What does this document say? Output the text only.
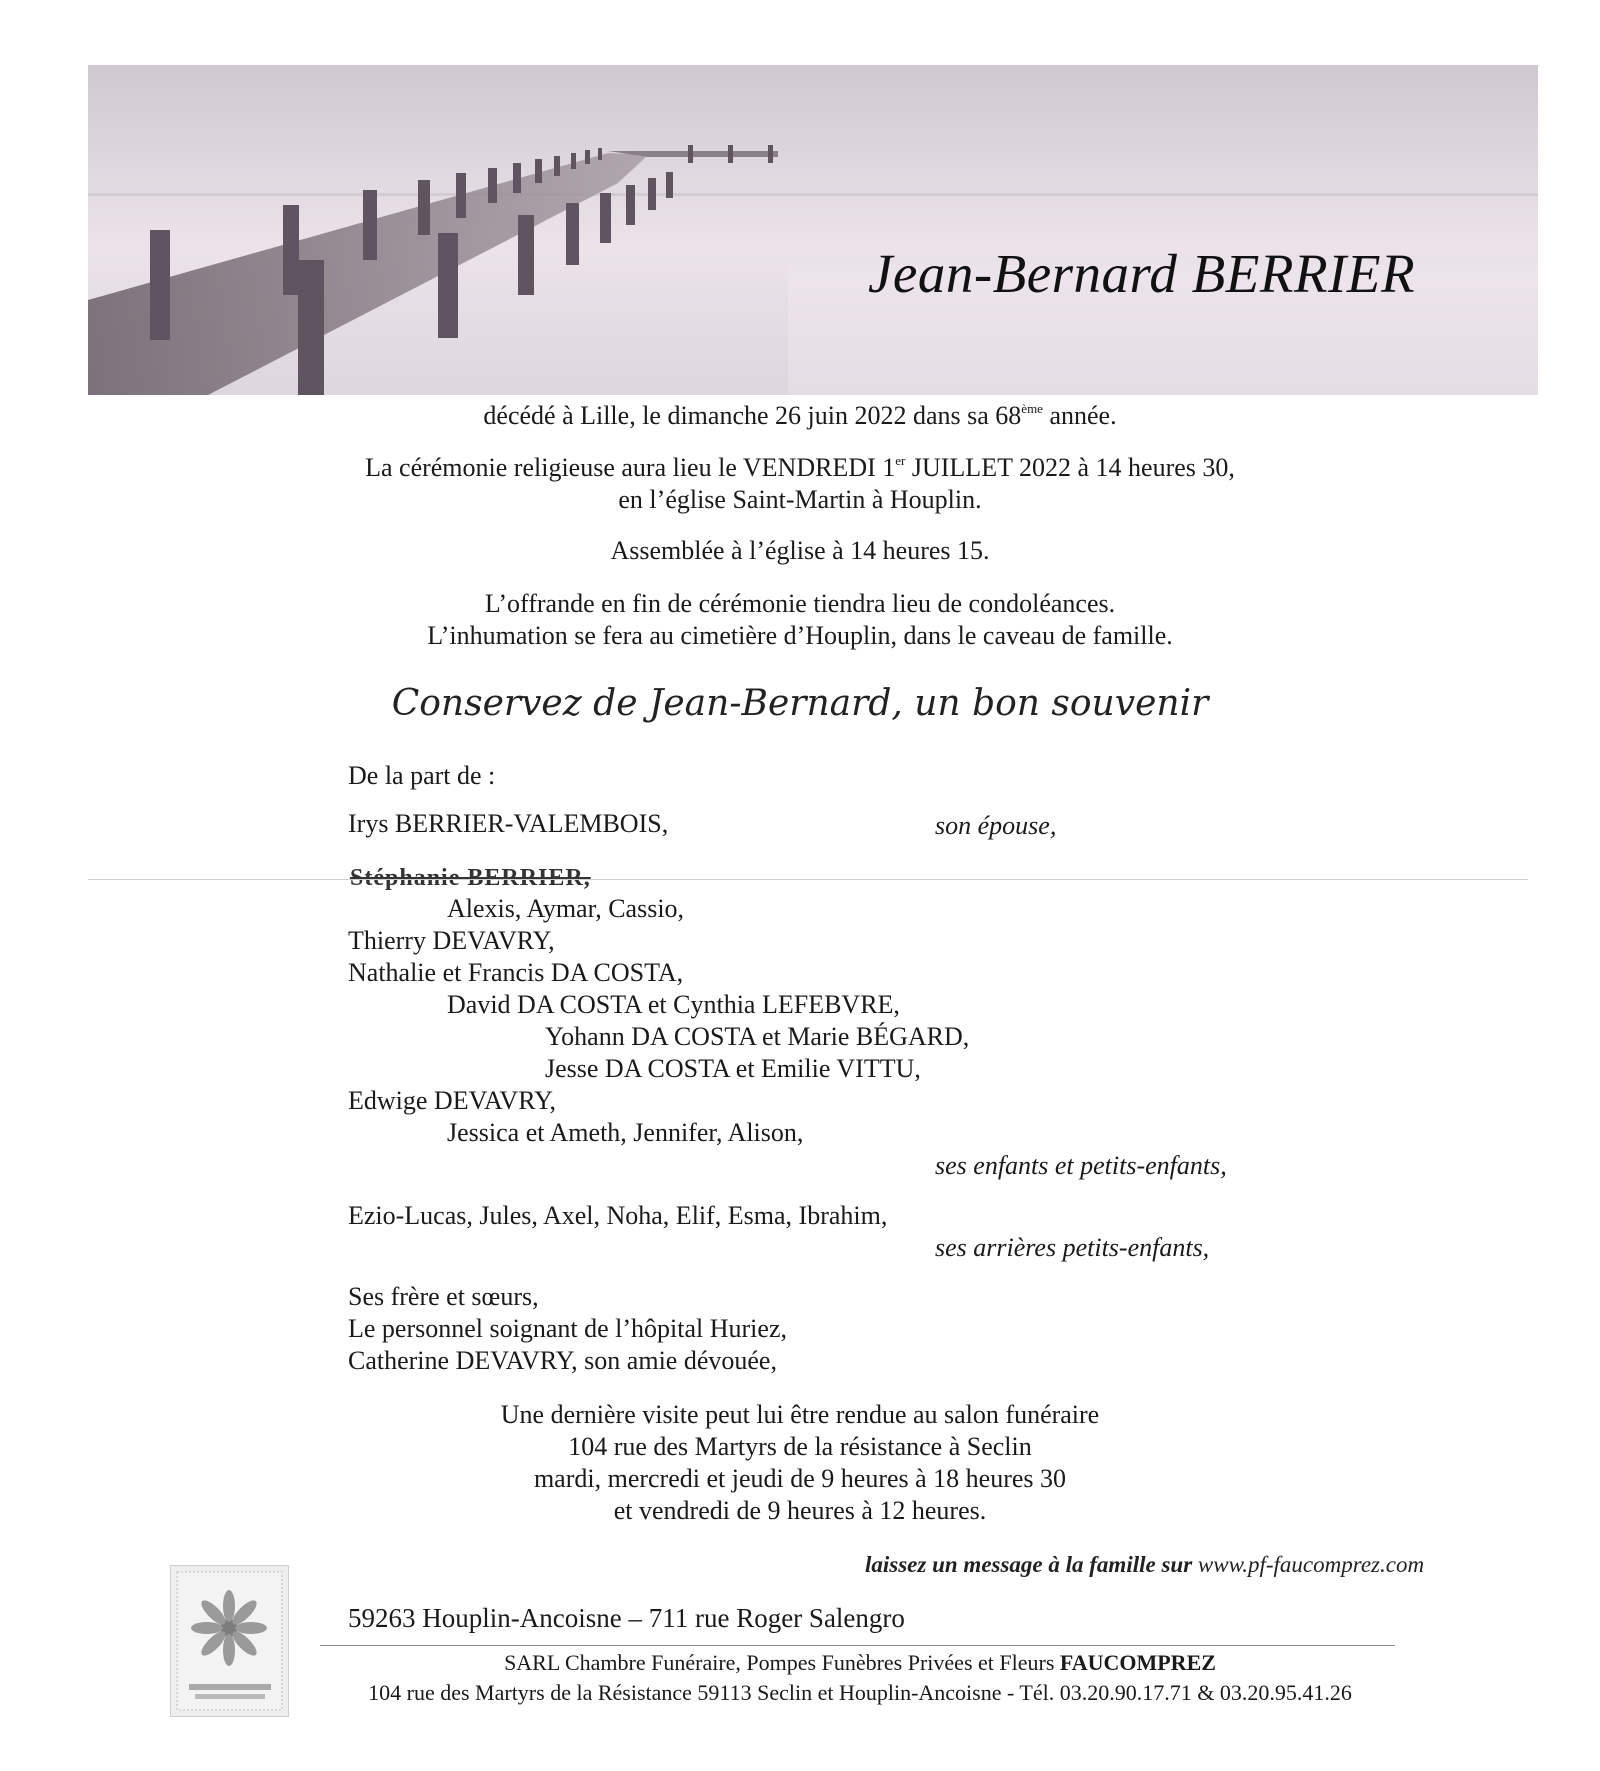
Jean-Bernard BERRIER
décédé à Lille, le dimanche 26 juin 2022 dans sa 68ème année.
La cérémonie religieuse aura lieu le VENDREDI 1er JUILLET 2022 à 14 heures 30,
en l’église Saint-Martin à Houplin.
Assemblée à l’église à 14 heures 15.
L’offrande en fin de cérémonie tiendra lieu de condoléances.
L’inhumation se fera au cimetière d’Houplin, dans le caveau de famille.
Conservez de Jean-Bernard, un bon souvenir
De la part de :
Irys BERRIER-VALEMBOIS,	son épouse,
Stéphanie BERRIER,
Alexis, Aymar, Cassio,
Thierry DEVAVRY,
Nathalie et Francis DA COSTA,
David DA COSTA et Cynthia LEFEBVRE,
Yohann DA COSTA et Marie BÉGARD,
Jesse DA COSTA et Emilie VITTU,
Edwige DEVAVRY,
Jessica et Ameth, Jennifer, Alison,
ses enfants et petits-enfants,
Ezio-Lucas, Jules, Axel, Noha, Elif, Esma, Ibrahim,
ses arrières petits-enfants,
Ses frère et sœurs,
Le personnel soignant de l’hôpital Huriez,
Catherine DEVAVRY, son amie dévouée,
Une dernière visite peut lui être rendue au salon funéraire
104 rue des Martyrs de la résistance à Seclin
mardi, mercredi et jeudi de 9 heures à 18 heures 30
et vendredi de 9 heures à 12 heures.
laissez un message à la famille sur www.pf-faucomprez.com
59263 Houplin-Ancoisne – 711 rue Roger Salengro
SARL Chambre Funéraire, Pompes Funèbres Privées et Fleurs FAUCOMPREZ
104 rue des Martyrs de la Résistance 59113 Seclin et Houplin-Ancoisne - Tél. 03.20.90.17.71 & 03.20.95.41.26
